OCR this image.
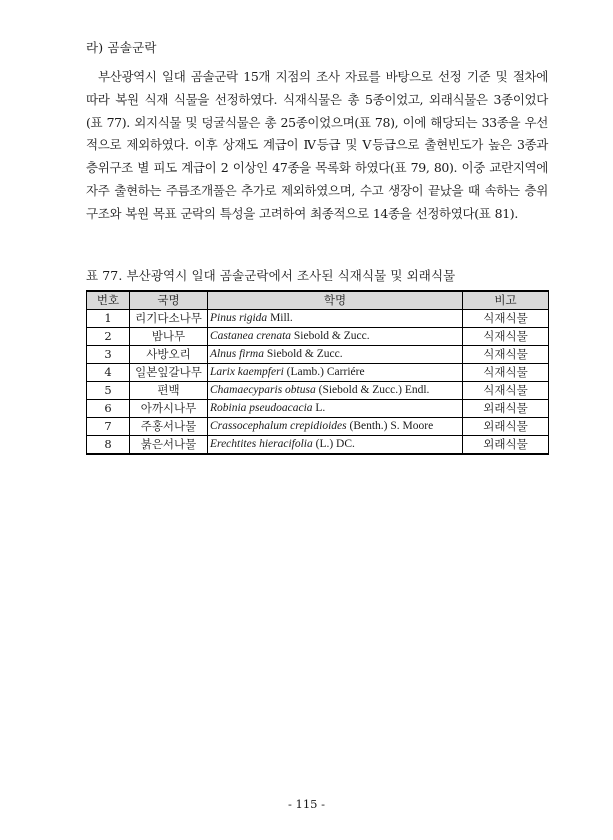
라) 곰솔군락

부산광역시 일대 곰솔군락 15개 지점의 조사 자료를 바탕으로 선정 기준 및 절차에 따라 복원 식재 식물을 선정하였다. 식재식물은 총 5종이었고, 외래식물은 3종이었다(표 77). 외지식물 및 덩굴식물은 총 25종이었으며(표 78), 이에 해당되는 33종을 우선적으로 제외하였다. 이후 상재도 계급이 Ⅳ등급 및 Ⅴ등급으로 출현빈도가 높은 3종과 층위구조 별 피도 계급이 2 이상인 47종을 목록화 하였다(표 79, 80). 이중 교란지역에 자주 출현하는 주름조개풀은 추가로 제외하였으며, 수고 생장이 끝났을 때 속하는 층위구조와 복원 목표 군락의 특성을 고려하여 최종적으로 14종을 선정하였다(표 81).

표 77. 부산광역시 일대 곰솔군락에서 조사된 식재식물 및 외래식물
번호	국명	학명	비고
1	리기다소나무	Pinus rigida Mill.	식재식물
2	밤나무	Castanea crenata Siebold & Zucc.	식재식물
3	사방오리	Alnus firma Siebold & Zucc.	식재식물
4	일본잎갈나무	Larix kaempferi (Lamb.) Carriére	식재식물
5	편백	Chamaecyparis obtusa (Siebold & Zucc.) Endl.	식재식물
6	아까시나무	Robinia pseudoacacia L.	외래식물
7	주홍서나물	Crassocephalum crepidioides (Benth.) S. Moore	외래식물
8	붉은서나물	Erechtites hieracifolia (L.) DC.	외래식물
- 115 -
